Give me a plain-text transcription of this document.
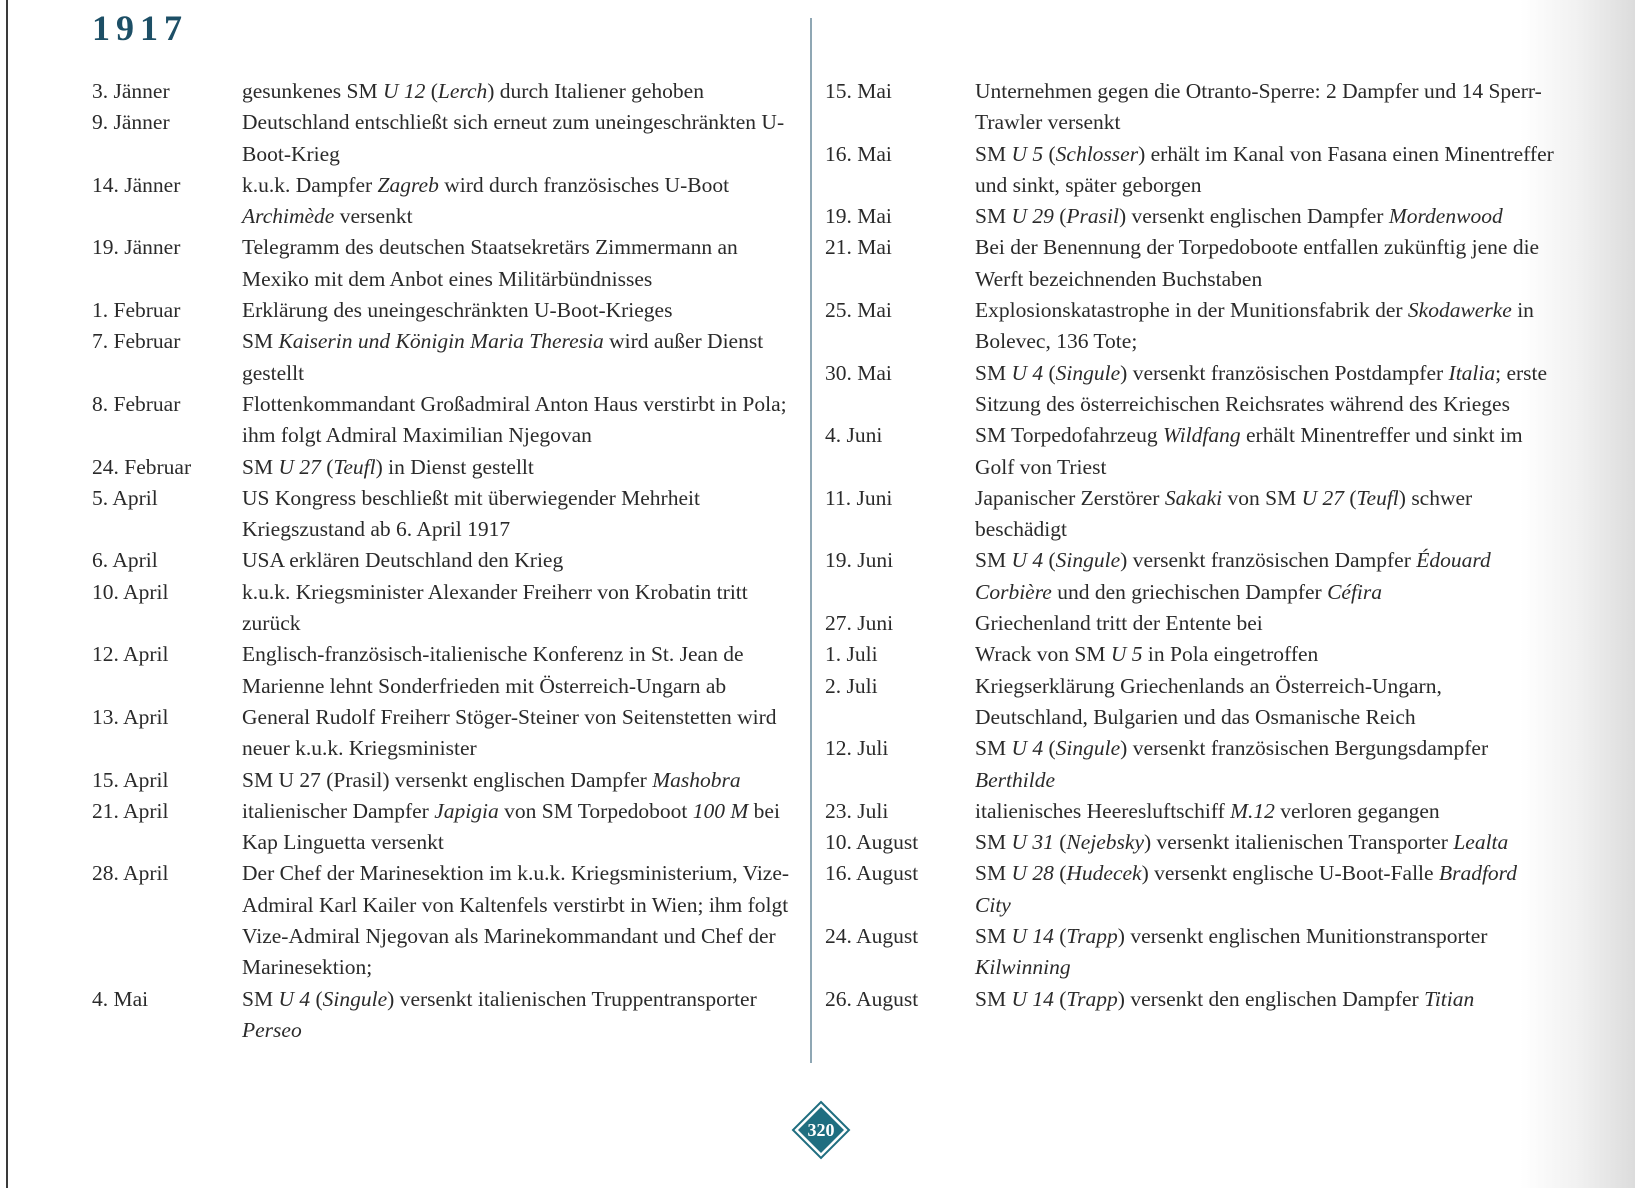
1917
3. Jänner	gesunkenes SM U 12 (Lerch) durch Italiener gehoben
9. Jänner	Deutschland entschließt sich erneut zum uneingeschränkten U-Boot-Krieg
14. Jänner	k.u.k. Dampfer Zagreb wird durch französisches U-Boot Archimède versenkt
19. Jänner	Telegramm des deutschen Staatsekretärs Zimmermann an Mexiko mit dem Anbot eines Militärbündnisses
1. Februar	Erklärung des uneingeschränkten U-Boot-Krieges
7. Februar	SM Kaiserin und Königin Maria Theresia wird außer Dienst gestellt
8. Februar	Flottenkommandant Großadmiral Anton Haus verstirbt in Pola; ihm folgt Admiral Maximilian Njegovan
24. Februar	SM U 27 (Teufl) in Dienst gestellt
5. April	US Kongress beschließt mit überwiegender Mehrheit Kriegszustand ab 6. April 1917
6. April	USA erklären Deutschland den Krieg
10. April	k.u.k. Kriegsminister Alexander Freiherr von Krobatin tritt zurück
12. April	Englisch-französisch-italienische Konferenz in St. Jean de Marienne lehnt Sonderfrieden mit Österreich-Ungarn ab
13. April	General Rudolf Freiherr Stöger-Steiner von Seitenstetten wird neuer k.u.k. Kriegsminister
15. April	SM U 27 (Prasil) versenkt englischen Dampfer Mashobra
21. April	italienischer Dampfer Japigia von SM Torpedoboot 100 M bei Kap Linguetta versenkt
28. April	Der Chef der Marinesektion im k.u.k. Kriegsministerium, Vize-Admiral Karl Kailer von Kaltenfels verstirbt in Wien; ihm folgt Vize-Admiral Njegovan als Marinekommandant und Chef der Marinesektion;
4. Mai	SM U 4 (Singule) versenkt italienischen Truppentransporter Perseo
15. Mai	Unternehmen gegen die Otranto-Sperre: 2 Dampfer und 14 Sperr-Trawler versenkt
16. Mai	SM U 5 (Schlosser) erhält im Kanal von Fasana einen Minentreffer und sinkt, später geborgen
19. Mai	SM U 29 (Prasil) versenkt englischen Dampfer Mordenwood
21. Mai	Bei der Benennung der Torpedoboote entfallen zukünftig jene die Werft bezeichnenden Buchstaben
25. Mai	Explosionskatastrophe in der Munitionsfabrik der Skodawerke in Bolevec, 136 Tote;
30. Mai	SM U 4 (Singule) versenkt französischen Postdampfer Italia; erste Sitzung des österreichischen Reichsrates während des Krieges
4. Juni	SM Torpedofahrzeug Wildfang erhält Minentreffer und sinkt im Golf von Triest
11. Juni	Japanischer Zerstörer Sakaki von SM U 27 (Teufl) schwer beschädigt
19. Juni	SM U 4 (Singule) versenkt französischen Dampfer Édouard Corbière und den griechischen Dampfer Céfira
27. Juni	Griechenland tritt der Entente bei
1. Juli	Wrack von SM U 5 in Pola eingetroffen
2. Juli	Kriegserklärung Griechenlands an Österreich-Ungarn, Deutschland, Bulgarien und das Osmanische Reich
12. Juli	SM U 4 (Singule) versenkt französischen Bergungsdampfer Berthilde
23. Juli	italienisches Heeresluftschiff M.12 verloren gegangen
10. August	SM U 31 (Nejebsky) versenkt italienischen Transporter Lealta
16. August	SM U 28 (Hudecek) versenkt englische U-Boot-Falle Bradford City
24. August	SM U 14 (Trapp) versenkt englischen Munitionstransporter Kilwinning
26. August	SM U 14 (Trapp) versenkt den englischen Dampfer Titian
320
